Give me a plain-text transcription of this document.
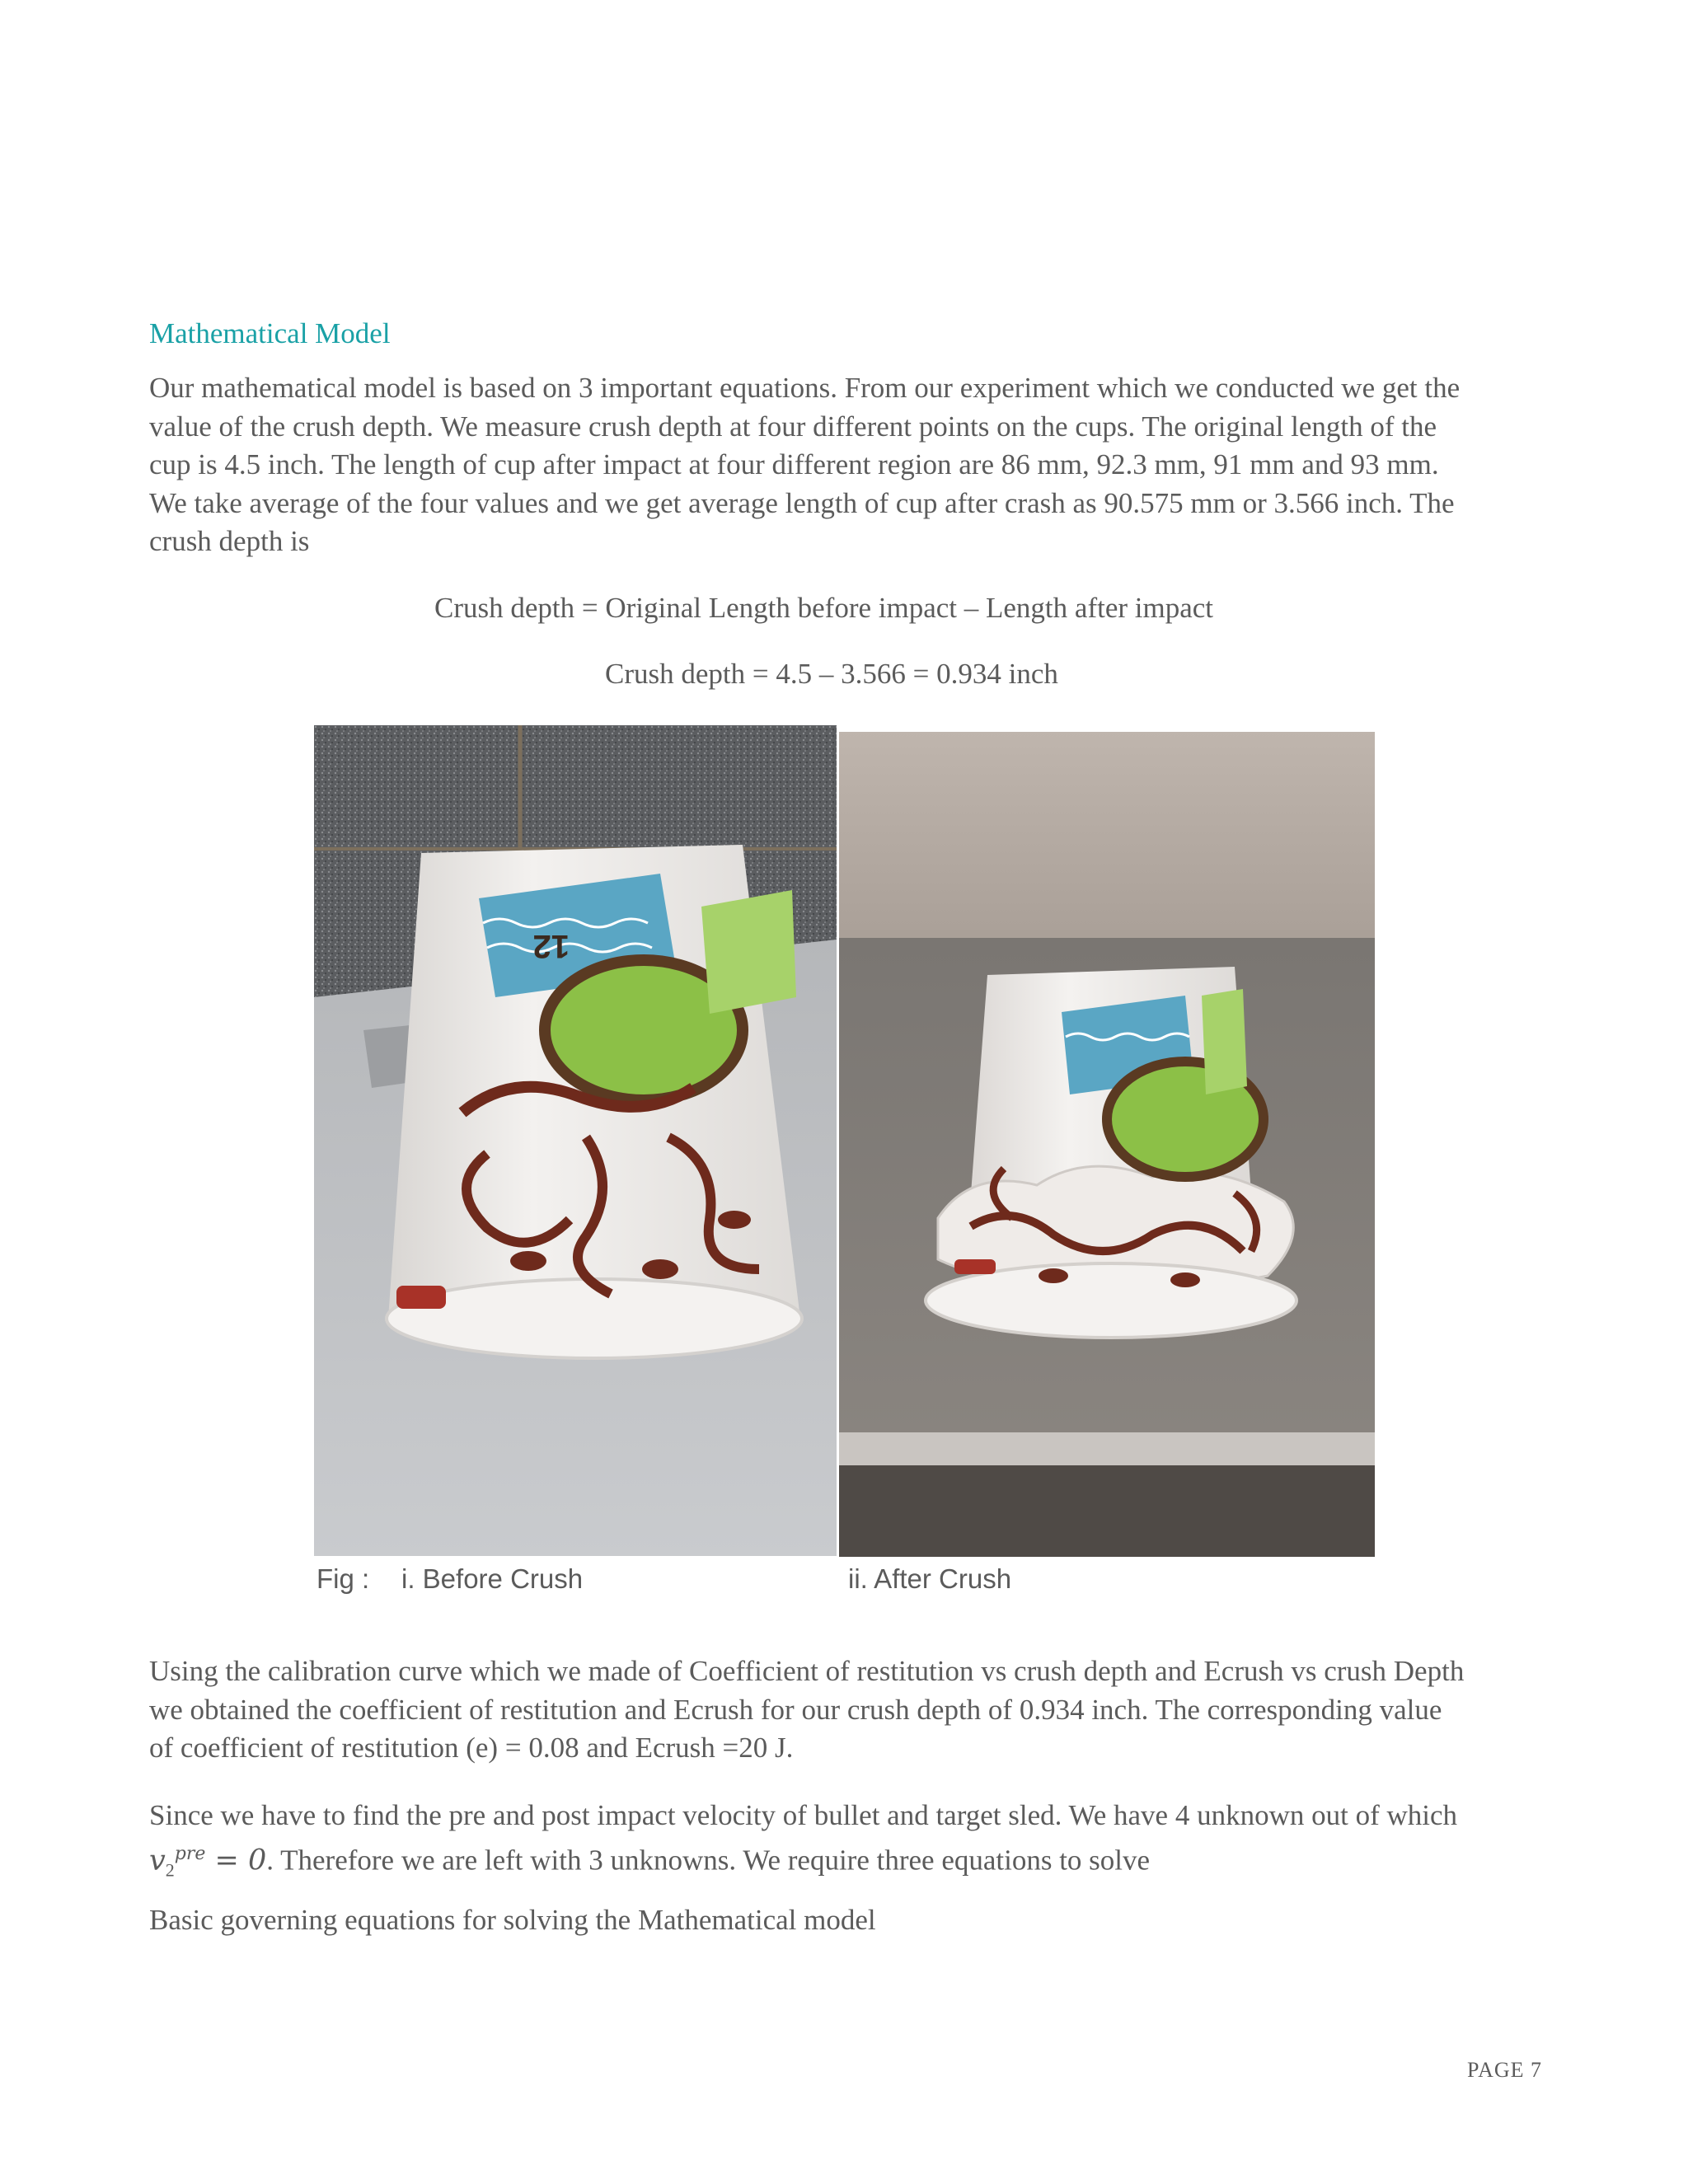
Mathematical Model
Our mathematical model is based on 3 important equations. From our experiment which we conducted we get the
value of the crush depth. We measure crush depth at four different points on the cups. The original length of the
cup is 4.5 inch. The length of cup after impact at four different region are 86 mm, 92.3 mm, 91 mm and 93 mm.
We take average of the four values and we get average length of cup after crash as 90.575 mm or 3.566 inch. The
crush depth is
Crush depth = Original Length before impact – Length after impact
Crush depth = 4.5 – 3.566 = 0.934 inch
12
Fig : i. Before Crush	ii. After Crush
Using the calibration curve which we made of Coefficient of restitution vs crush depth and Ecrush vs crush Depth
we obtained the coefficient of restitution and Ecrush for our crush depth of 0.934 inch. The corresponding value
of coefficient of restitution (e) = 0.08 and Ecrush =20 J.
Since we have to find the pre and post impact velocity of bullet and target sled. We have 4 unknown out of which
$v_2^{pre} = 0$. Therefore we are left with 3 unknowns. We require three equations to solve
Basic governing equations for solving the Mathematical model
PAGE 7
